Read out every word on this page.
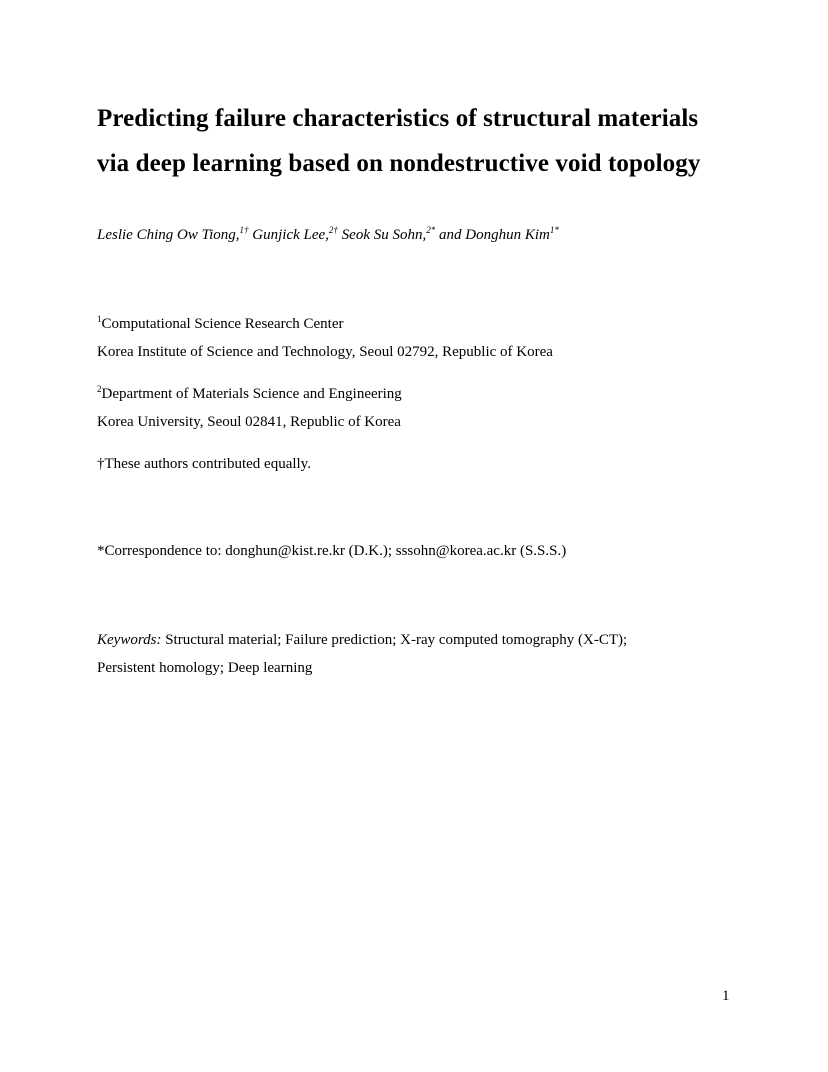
Predicting failure characteristics of structural materials
via deep learning based on nondestructive void topology
Leslie Ching Ow Tiong,$^{1\dagger}$ Gunjick Lee,$^{2\dagger}$ Seok Su Sohn,$^{2*}$ and Donghun Kim$^{1*}$
$^1$Computational Science Research Center
Korea Institute of Science and Technology, Seoul 02792, Republic of Korea
$^2$Department of Materials Science and Engineering
Korea University, Seoul 02841, Republic of Korea
†These authors contributed equally.
*Correspondence to: donghun@kist.re.kr (D.K.); sssohn@korea.ac.kr (S.S.S.)
Keywords: Structural material; Failure prediction; X-ray computed tomography (X-CT);
Persistent homology; Deep learning
1
